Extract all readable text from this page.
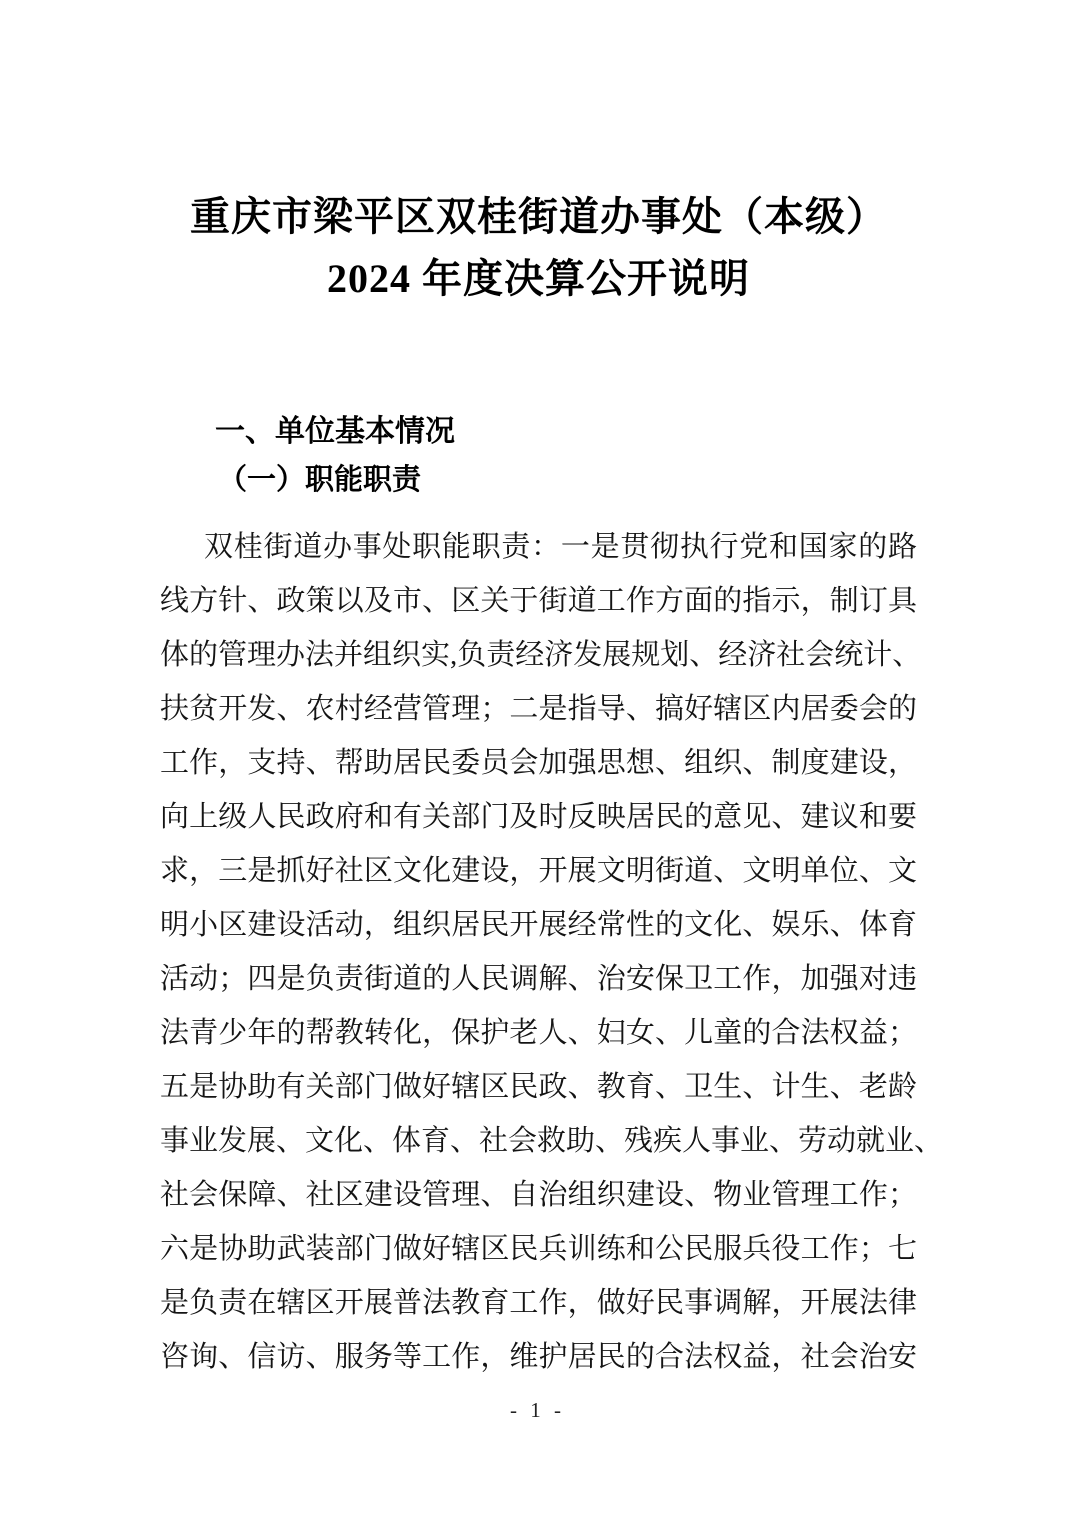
重庆市梁平区双桂街道办事处（本级）
2024 年度决算公开说明
一、单位基本情况
（一）职能职责
双桂街道办事处职能职责：一是贯彻执行党和国家的路
线方针、政策以及市、区关于街道工作方面的指示，制订具
体的管理办法并组织实,负责经济发展规划、经济社会统计、
扶贫开发、农村经营管理；二是指导、搞好辖区内居委会的
工作，支持、帮助居民委员会加强思想、组织、制度建设，
向上级人民政府和有关部门及时反映居民的意见、建议和要
求，三是抓好社区文化建设，开展文明街道、文明单位、文
明小区建设活动，组织居民开展经常性的文化、娱乐、体育
活动；四是负责街道的人民调解、治安保卫工作，加强对违
法青少年的帮教转化，保护老人、妇女、儿童的合法权益；
五是协助有关部门做好辖区民政、教育、卫生、计生、老龄
事业发展、文化、体育、社会救助、残疾人事业、劳动就业、
社会保障、社区建设管理、自治组织建设、物业管理工作；
六是协助武装部门做好辖区民兵训练和公民服兵役工作；七
是负责在辖区开展普法教育工作，做好民事调解，开展法律
咨询、信访、服务等工作，维护居民的合法权益，社会治安
- 1 -
